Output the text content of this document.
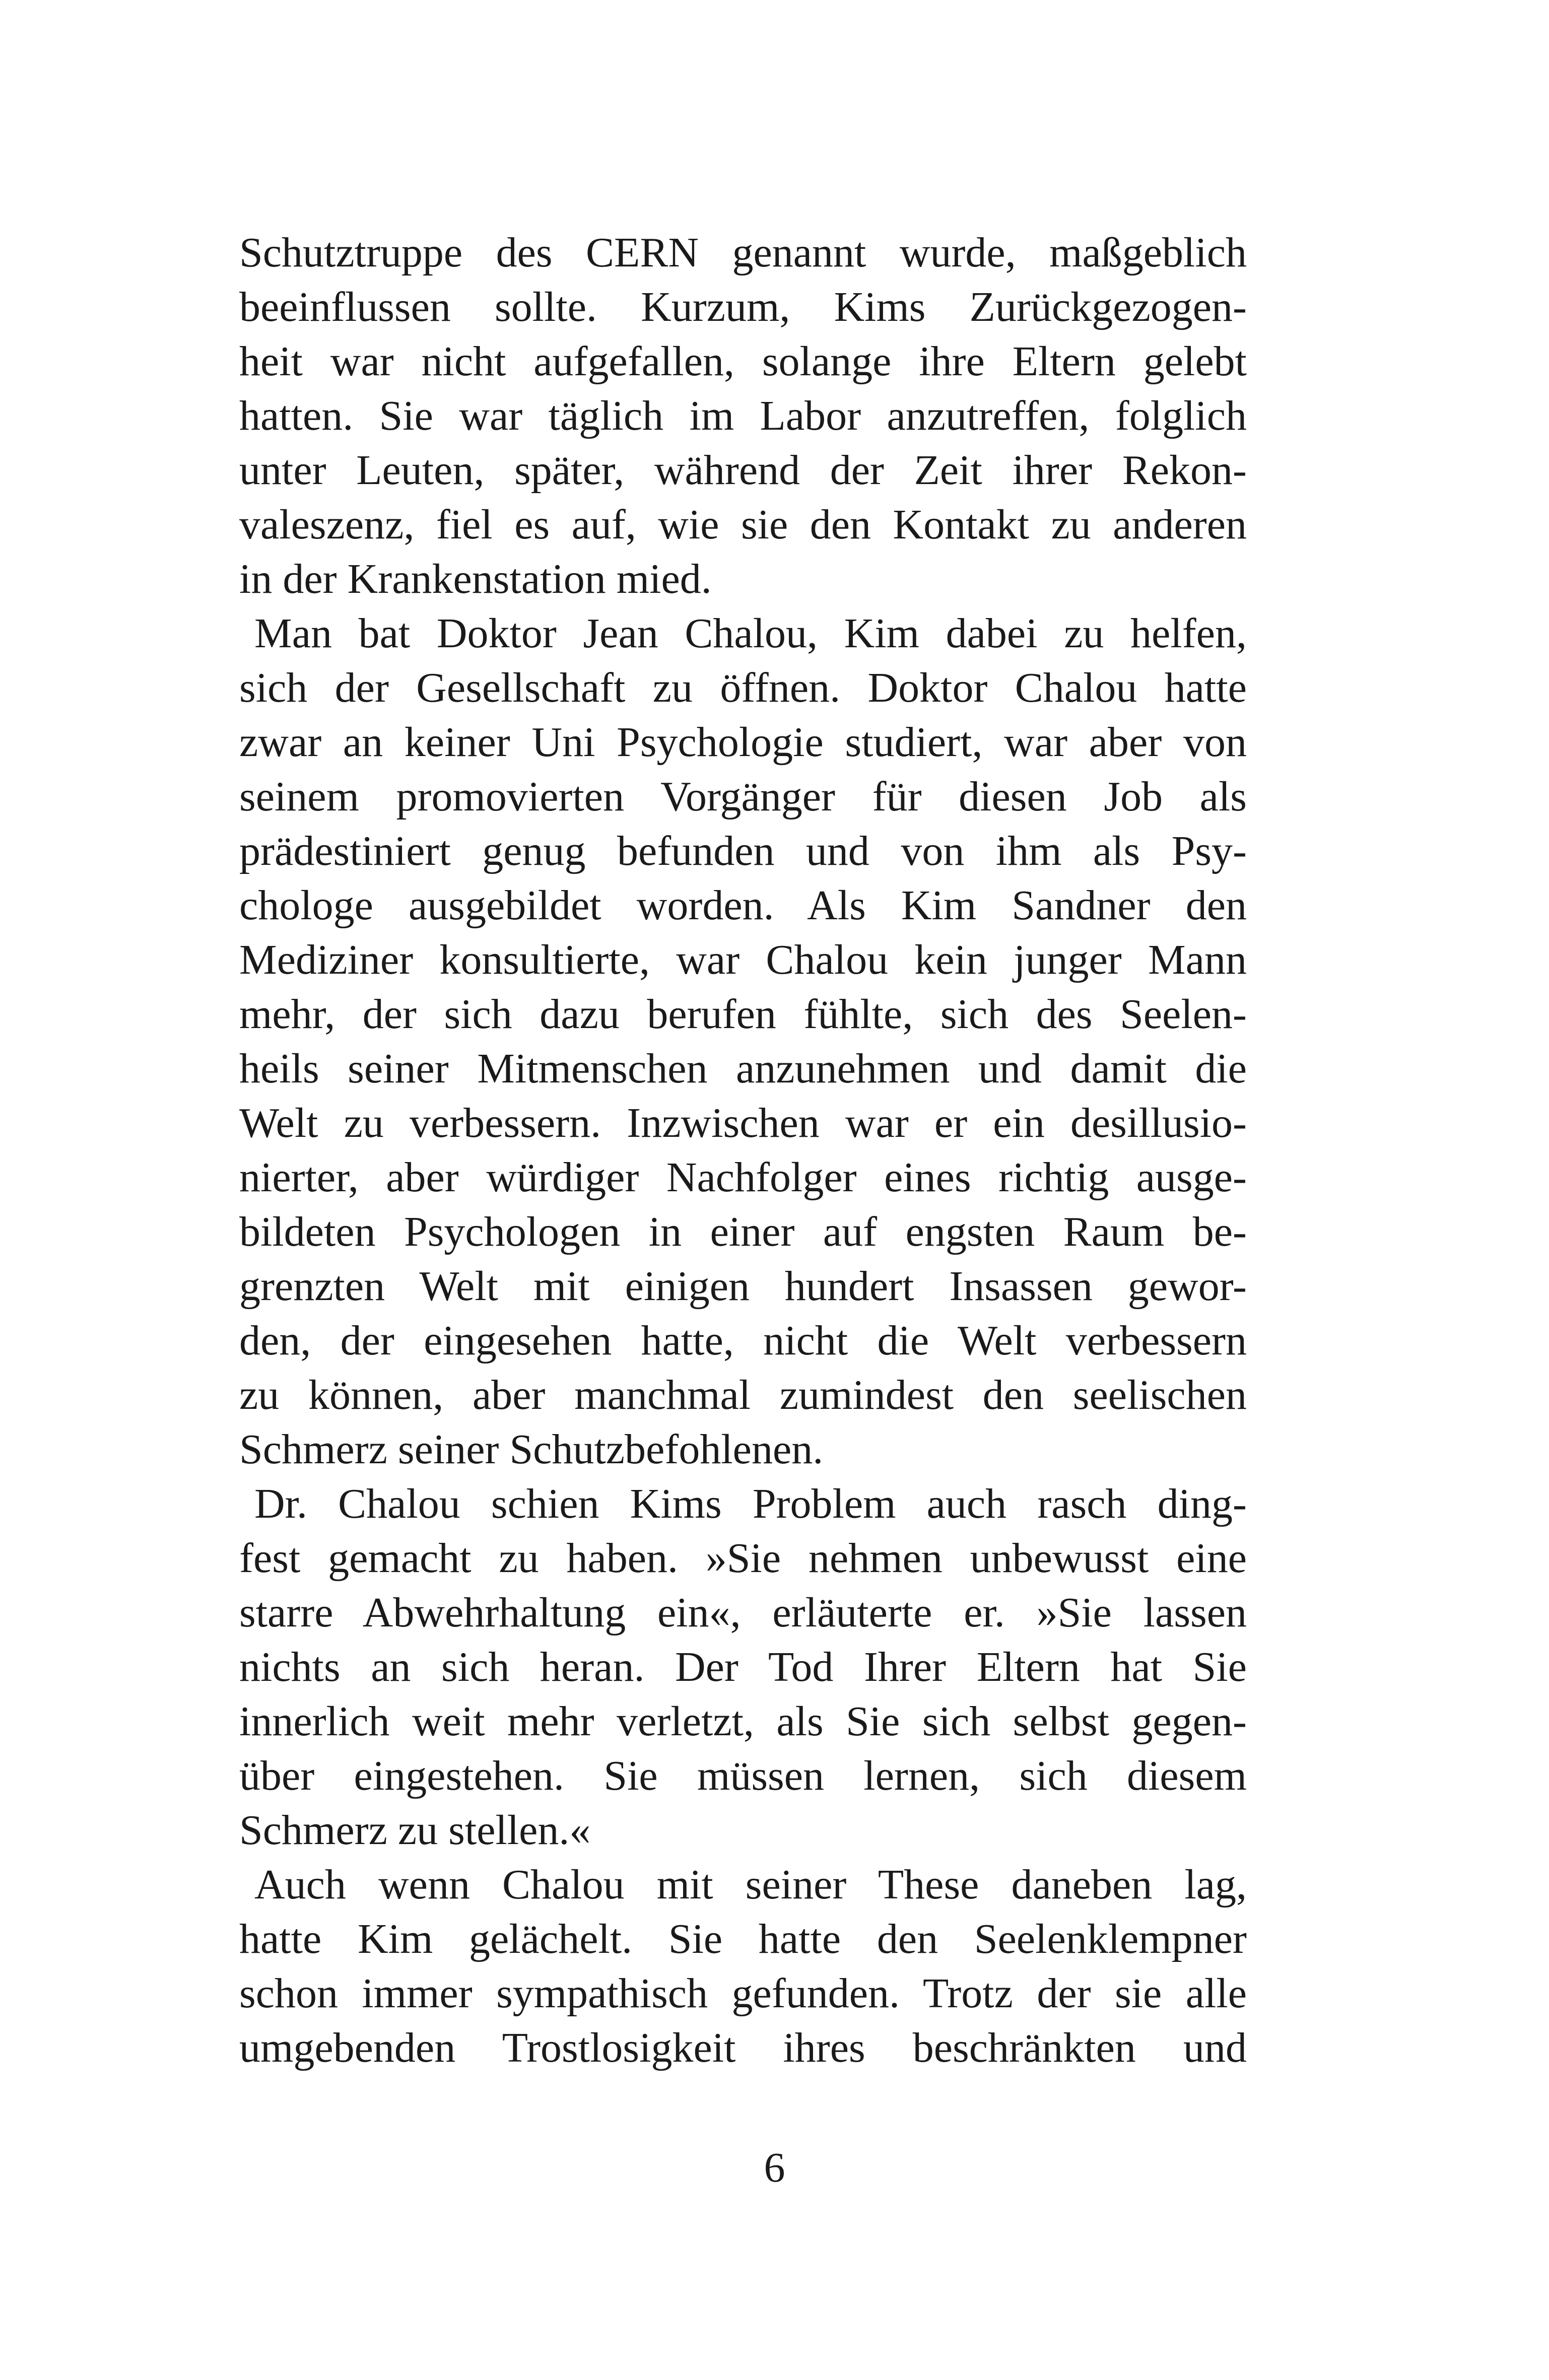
Schutztruppe des CERN genannt wurde, maßgeblich
beeinflussen sollte. Kurzum, Kims Zurückgezogen-
heit war nicht aufgefallen, solange ihre Eltern gelebt
hatten. Sie war täglich im Labor anzutreffen, folglich
unter Leuten, später, während der Zeit ihrer Rekon-
valeszenz, fiel es auf, wie sie den Kontakt zu anderen
in der Krankenstation mied.
Man bat Doktor Jean Chalou, Kim dabei zu helfen,
sich der Gesellschaft zu öffnen. Doktor Chalou hatte
zwar an keiner Uni Psychologie studiert, war aber von
seinem promovierten Vorgänger für diesen Job als
prädestiniert genug befunden und von ihm als Psy-
chologe ausgebildet worden. Als Kim Sandner den
Mediziner konsultierte, war Chalou kein junger Mann
mehr, der sich dazu berufen fühlte, sich des Seelen-
heils seiner Mitmenschen anzunehmen und damit die
Welt zu verbessern. Inzwischen war er ein desillusio-
nierter, aber würdiger Nachfolger eines richtig ausge-
bildeten Psychologen in einer auf engsten Raum be-
grenzten Welt mit einigen hundert Insassen gewor-
den, der eingesehen hatte, nicht die Welt verbessern
zu können, aber manchmal zumindest den seelischen
Schmerz seiner Schutzbefohlenen.
Dr. Chalou schien Kims Problem auch rasch ding-
fest gemacht zu haben. »Sie nehmen unbewusst eine
starre Abwehrhaltung ein«, erläuterte er. »Sie lassen
nichts an sich heran. Der Tod Ihrer Eltern hat Sie
innerlich weit mehr verletzt, als Sie sich selbst gegen-
über eingestehen. Sie müssen lernen, sich diesem
Schmerz zu stellen.«
Auch wenn Chalou mit seiner These daneben lag,
hatte Kim gelächelt. Sie hatte den Seelenklempner
schon immer sympathisch gefunden. Trotz der sie alle
umgebenden Trostlosigkeit ihres beschränkten und
6
